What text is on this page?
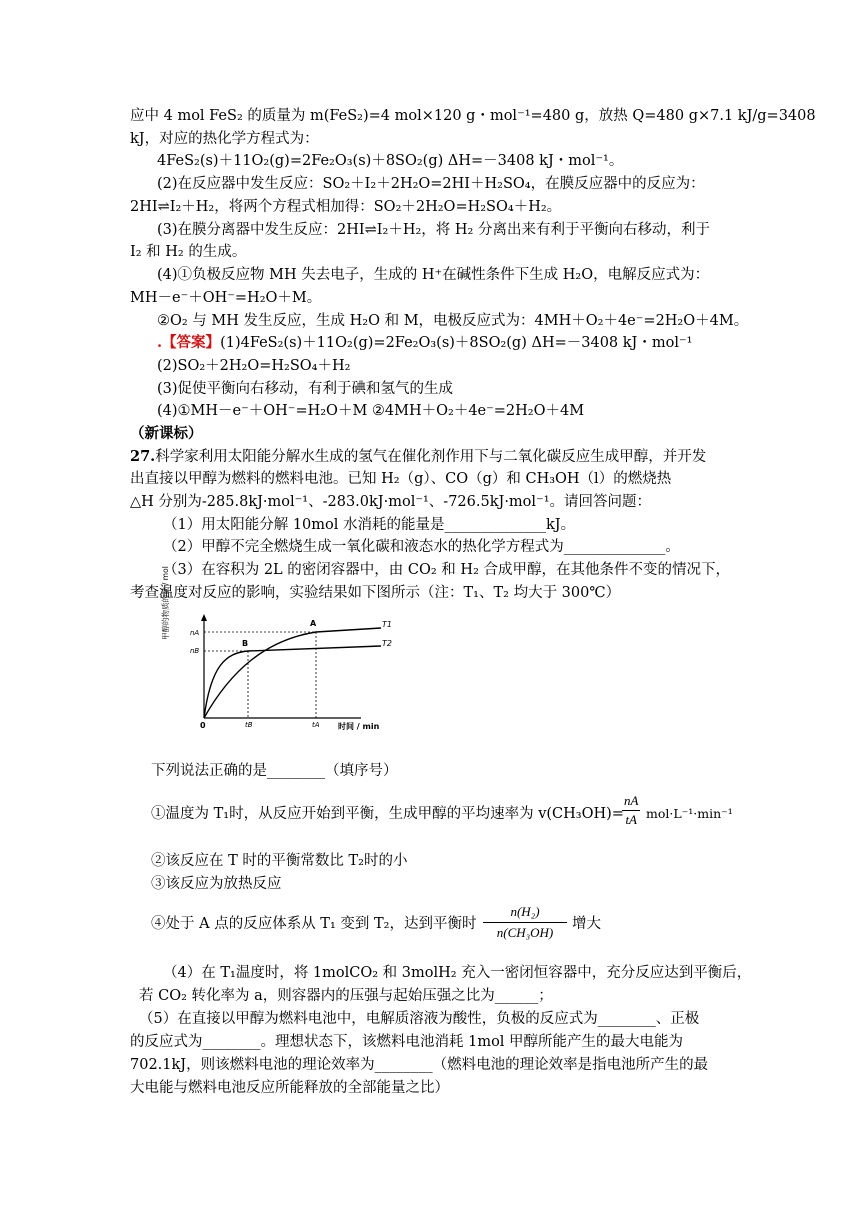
应中 4 mol FeS₂ 的质量为 m(FeS₂)=4 mol×120 g・mol⁻¹=480 g，放热 Q=480 g×7.1 kJ/g=3408
kJ，对应的热化学方程式为：
4FeS₂(s)＋11O₂(g)=2Fe₂O₃(s)＋8SO₂(g) ΔH=－3408 kJ・mol⁻¹。
(2)在反应器中发生反应：SO₂＋I₂＋2H₂O=2HI＋H₂SO₄，在膜反应器中的反应为：
2HI⇌I₂＋H₂，将两个方程式相加得：SO₂＋2H₂O=H₂SO₄＋H₂。
(3)在膜分离器中发生反应：2HI⇌I₂＋H₂，将 H₂ 分离出来有利于平衡向右移动，利于
I₂ 和 H₂ 的生成。
(4)①负极反应物 MH 失去电子，生成的 H⁺在碱性条件下生成 H₂O，电解反应式为：
MH－e⁻＋OH⁻=H₂O＋M。
②O₂ 与 MH 发生反应，生成 H₂O 和 M，电极反应式为：4MH＋O₂＋4e⁻=2H₂O＋4M。
.【答案】(1)4FeS₂(s)＋11O₂(g)=2Fe₂O₃(s)＋8SO₂(g) ΔH=－3408 kJ・mol⁻¹
(2)SO₂＋2H₂O=H₂SO₄＋H₂
(3)促使平衡向右移动，有利于碘和氢气的生成
(4)①MH－e⁻＋OH⁻=H₂O＋M ②4MH＋O₂＋4e⁻=2H₂O＋4M
（新课标）
27.科学家利用太阳能分解水生成的氢气在催化剂作用下与二氧化碳反应生成甲醇，并开发
出直接以甲醇为燃料的燃料电池。已知 H₂（g）、CO（g）和 CH₃OH（l）的燃烧热
△H 分别为-285.8kJ·mol⁻¹、-283.0kJ·mol⁻¹、-726.5kJ·mol⁻¹。请回答问题：
（1）用太阳能分解 10mol 水消耗的能量是______________kJ。
（2）甲醇不完全燃烧生成一氧化碳和液态水的热化学方程式为______________。
（3）在容积为 2L 的密闭容器中，由 CO₂ 和 H₂ 合成甲醇，在其他条件不变的情况下，
考查温度对反应的影响，实验结果如下图所示（注：T₁、T₂ 均大于 300℃）
甲醇的物质的量 / mol
0	时间 / min
nA
nB
tB	tA
A
B
T1
T2
下列说法正确的是________（填序号）
①温度为 T₁时，从反应开始到平衡，生成甲醇的平均速率为 v(CH₃OH)=
$\frac{nA}{tA} mol\cdot L^{-1}\cdot\min^{-1}$
②该反应在 T 时的平衡常数比 T₂时的小
③该反应为放热反应
④处于 A 点的反应体系从 T₁ 变到 T₂，达到平衡时 $\frac{\text{n(H₂)}}{\text{n(CH₃OH)}}$ 增大
（4）在 T₁温度时，将 1molCO₂ 和 3molH₂ 充入一密闭恒容器中，充分反应达到平衡后，
若 CO₂ 转化率为 a，则容器内的压强与起始压强之比为______；
（5）在直接以甲醇为燃料电池中，电解质溶液为酸性，负极的反应式为________、正极
的反应式为________。理想状态下，该燃料电池消耗 1mol 甲醇所能产生的最大电能为
702.1kJ，则该燃料电池的理论效率为________（燃料电池的理论效率是指电池所产生的最
大电能与燃料电池反应所能释放的全部能量之比）
